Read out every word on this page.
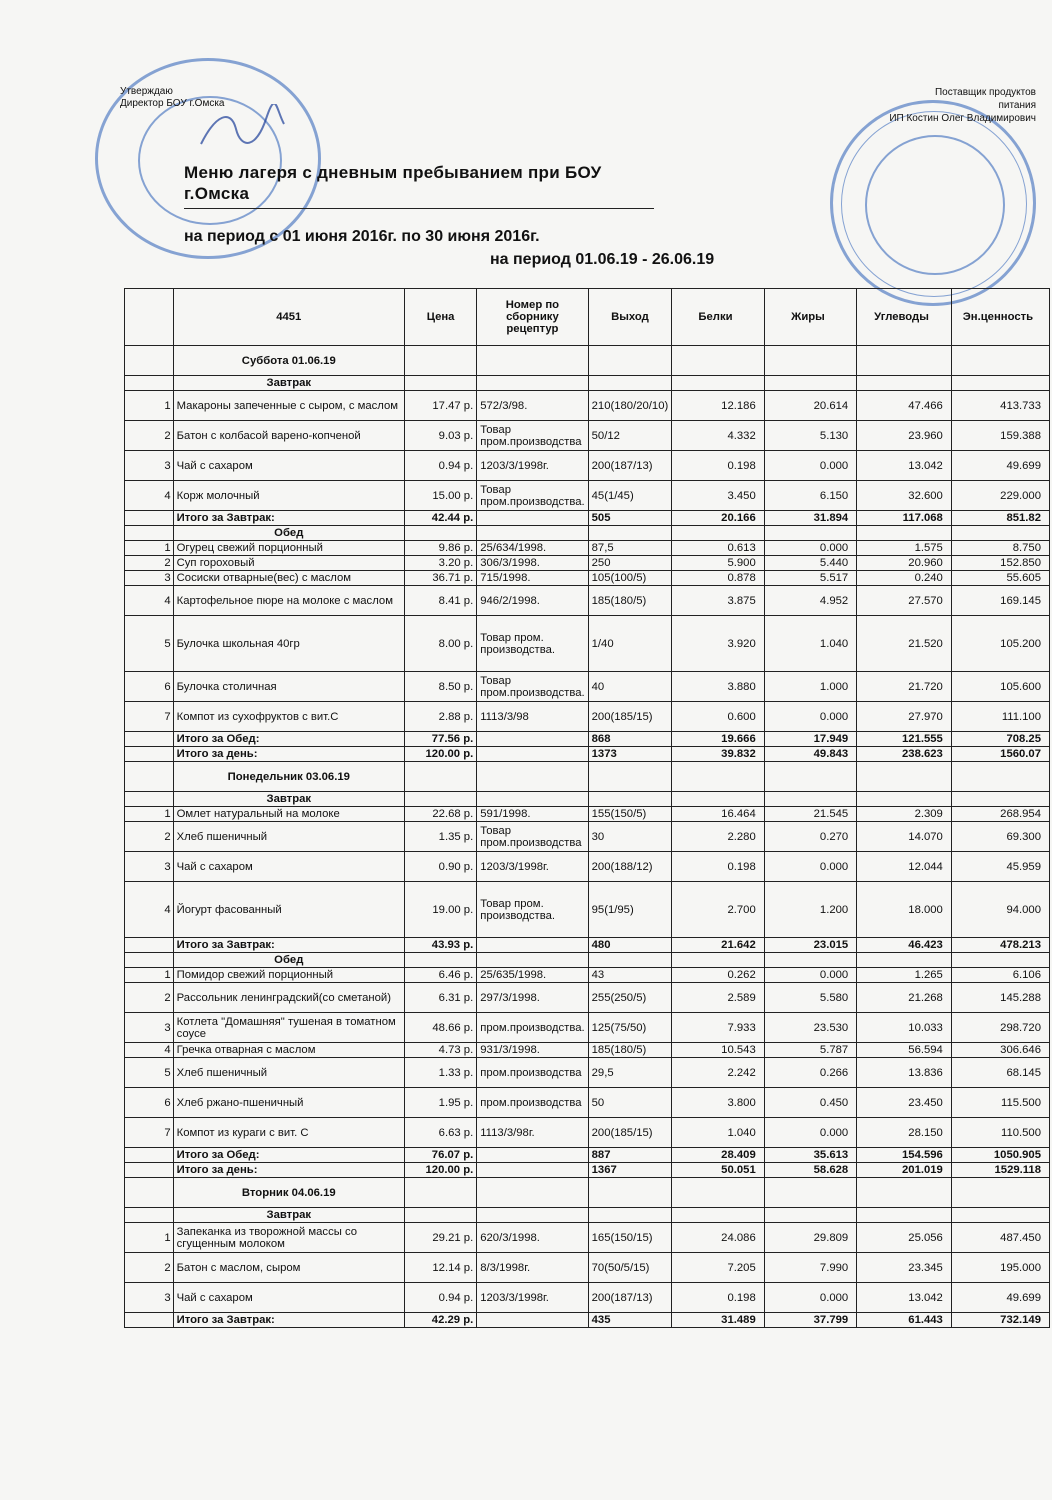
Утверждаю
Директор БОУ г.Омска
Поставщик продуктов
питания
ИП Костин Олег Владимирович
Меню лагеря с дневным пребыванием при БОУ г.Омска
на период с 01 июня 2016г. по 30 июня 2016г.
на период 01.06.19 - 26.06.19
	4451	Цена	Номер по сборнику рецептур	Выход	Белки	Жиры	Углеводы	Эн.ценность
	Суббота 01.06.19							
	Завтрак							
1	Макароны запеченные с сыром, с маслом	17.47 р.	572/3/98.	210(180/20/10)	12.186	20.614	47.466	413.733
2	Батон с колбасой варено-копченой	9.03 р.	Товар пром.производства	50/12	4.332	5.130	23.960	159.388
3	Чай с сахаром	0.94 р.	1203/3/1998г.	200(187/13)	0.198	0.000	13.042	49.699
4	Корж молочный	15.00 р.	Товар пром.производства.	45(1/45)	3.450	6.150	32.600	229.000
	Итого за Завтрак:	42.44 р.		505	20.166	31.894	117.068	851.82
	Обед							
1	Огурец свежий порционный	9.86 р.	25/634/1998.	87,5	0.613	0.000	1.575	8.750
2	Суп гороховый	3.20 р.	306/3/1998.	250	5.900	5.440	20.960	152.850
3	Сосиски отварные(вес) с маслом	36.71 р.	715/1998.	105(100/5)	0.878	5.517	0.240	55.605
4	Картофельное пюре на молоке с маслом	8.41 р.	946/2/1998.	185(180/5)	3.875	4.952	27.570	169.145
5	Булочка школьная 40гр	8.00 р.	Товар пром. производства.	1/40	3.920	1.040	21.520	105.200
6	Булочка столичная	8.50 р.	Товар пром.производства.	40	3.880	1.000	21.720	105.600
7	Компот из сухофруктов с вит.С	2.88 р.	1113/3/98	200(185/15)	0.600	0.000	27.970	111.100
	Итого за Обед:	77.56 р.		868	19.666	17.949	121.555	708.25
	Итого за день:	120.00 р.		1373	39.832	49.843	238.623	1560.07
	Понедельник 03.06.19							
	Завтрак							
1	Омлет натуральный на молоке	22.68 р.	591/1998.	155(150/5)	16.464	21.545	2.309	268.954
2	Хлеб пшеничный	1.35 р.	Товар пром.производства	30	2.280	0.270	14.070	69.300
3	Чай с сахаром	0.90 р.	1203/3/1998г.	200(188/12)	0.198	0.000	12.044	45.959
4	Йогурт фасованный	19.00 р.	Товар пром. производства.	95(1/95)	2.700	1.200	18.000	94.000
	Итого за Завтрак:	43.93 р.		480	21.642	23.015	46.423	478.213
	Обед							
1	Помидор свежий порционный	6.46 р.	25/635/1998.	43	0.262	0.000	1.265	6.106
2	Рассольник ленинградский(со сметаной)	6.31 р.	297/3/1998.	255(250/5)	2.589	5.580	21.268	145.288
3	Котлета "Домашняя" тушеная в томатном соусе	48.66 р.	пром.производства.	125(75/50)	7.933	23.530	10.033	298.720
4	Гречка отварная с маслом	4.73 р.	931/3/1998.	185(180/5)	10.543	5.787	56.594	306.646
5	Хлеб пшеничный	1.33 р.	пром.производства	29,5	2.242	0.266	13.836	68.145
6	Хлеб ржано-пшеничный	1.95 р.	пром.производства	50	3.800	0.450	23.450	115.500
7	Компот из кураги с вит. С	6.63 р.	1113/3/98г.	200(185/15)	1.040	0.000	28.150	110.500
	Итого за Обед:	76.07 р.		887	28.409	35.613	154.596	1050.905
	Итого за день:	120.00 р.		1367	50.051	58.628	201.019	1529.118
	Вторник 04.06.19							
	Завтрак							
1	Запеканка из творожной массы со сгущенным молоком	29.21 р.	620/3/1998.	165(150/15)	24.086	29.809	25.056	487.450
2	Батон с маслом, сыром	12.14 р.	8/3/1998г.	70(50/5/15)	7.205	7.990	23.345	195.000
3	Чай с сахаром	0.94 р.	1203/3/1998г.	200(187/13)	0.198	0.000	13.042	49.699
	Итого за Завтрак:	42.29 р.		435	31.489	37.799	61.443	732.149
